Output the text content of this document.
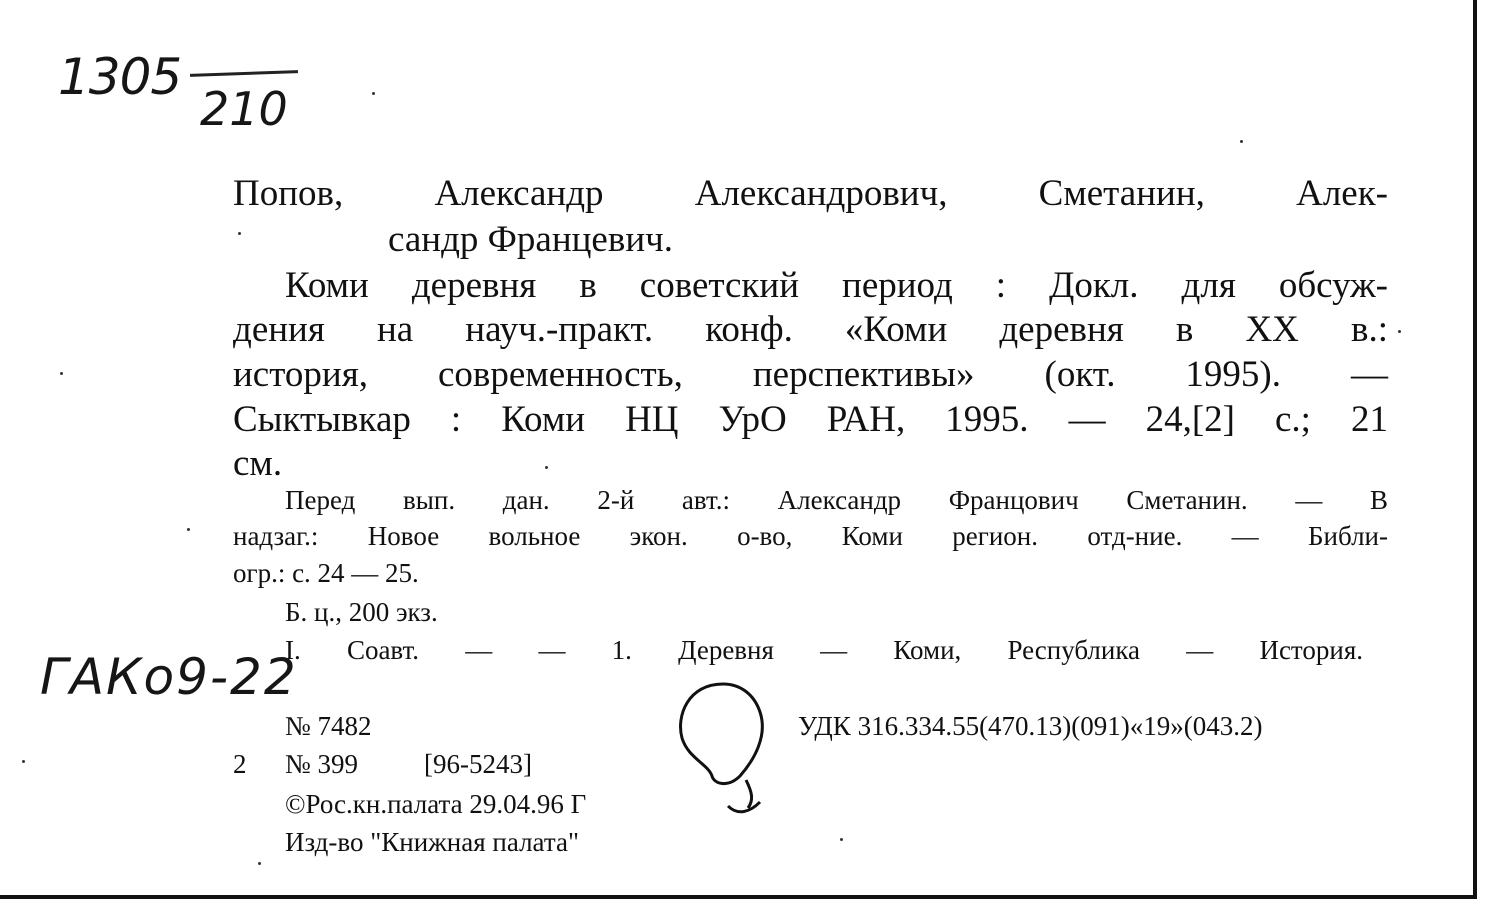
1305
210

Попов, Александр Александрович, Сметанин, Алек-

сандр Францевич.

Коми деревня в советский период : Докл. для обсуж-

дения на науч.-практ. конф. «Коми деревня в XX в.:

история, современность, перспективы» (окт. 1995). —

Сыктывкар : Коми НЦ УрО РАН, 1995. — 24,[2] с.; 21

см.

Перед вып. дан. 2-й авт.: Александр Францович Сметанин. — В

надзаг.: Новое вольное экон. о-во, Коми регион. отд-ние. — Библи-

огр.: с. 24 — 25.

Б. ц., 200 экз.

I. Соавт. — — 1. Деревня — Коми, Республика — История.

ГАКо9-22

№ 7482	УДК 316.334.55(470.13)(091)«19»(043.2)

2 № 399 [96-5243]

©Рос.кн.палата 29.04.96 Г

Изд-во "Книжная палата"
